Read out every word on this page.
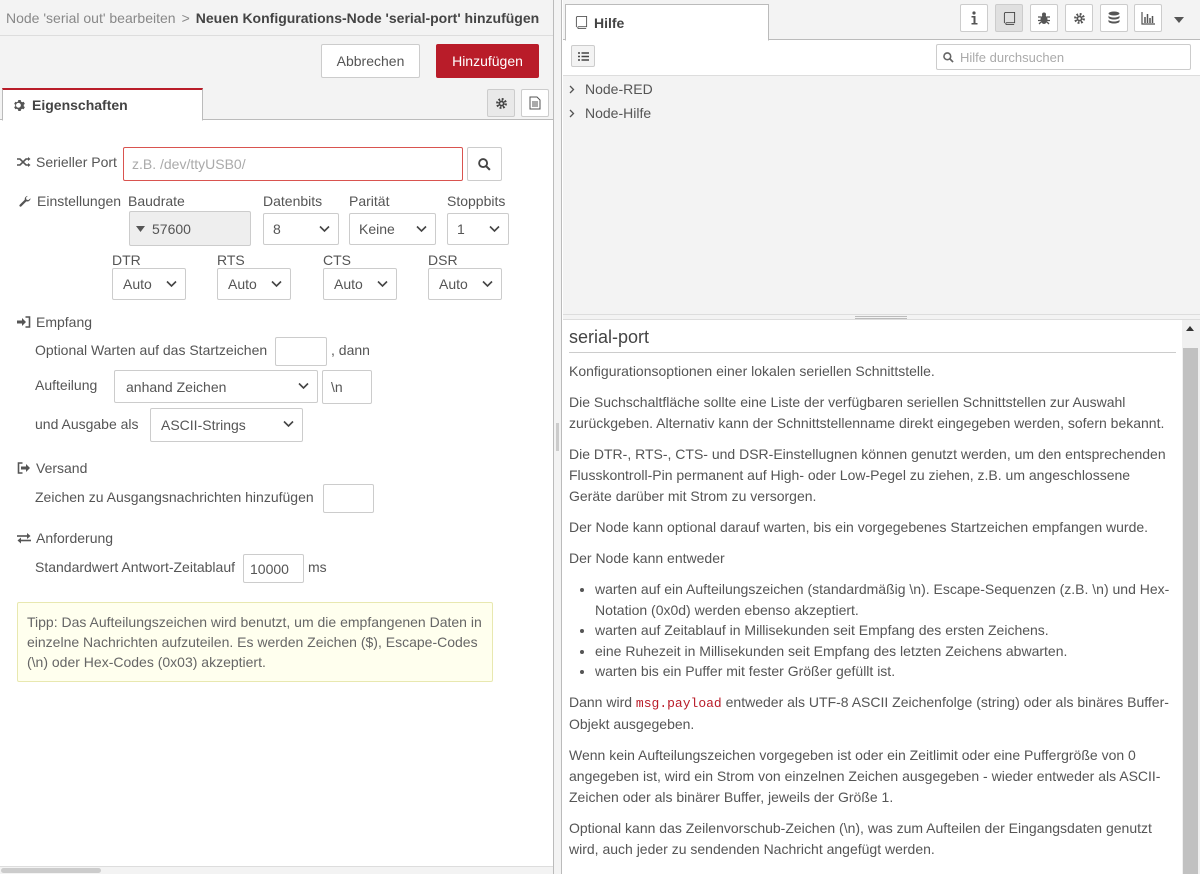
Node 'serial out' bearbeiten > Neuen Konfigurations-Node 'serial-port' hinzufügen
Abbrechen	Hinzufügen
Eigenschaften
Serieller Port	z.B. /dev/ttyUSB0/
Einstellungen Baudrate	Datenbits Parität	Stoppbits
57600	8	Keine	1
DTR	RTS	CTS	DSR
Auto	Auto	Auto	Auto
Empfang
Optional Warten auf das Startzeichen	, dann
Aufteilung anhand Zeichen	\n
und Ausgabe als ASCII-Strings
Versand
Zeichen zu Ausgangsnachrichten hinzufügen
Anforderung
Standardwert Antwort-Zeitablauf	10000	ms
Tipp: Das Aufteilungszeichen wird benutzt, um die empfangenen Daten in einzelne Nachrichten aufzuteilen. Es werden Zeichen ($), Escape-Codes (\n) oder Hex-Codes (0x03) akzeptiert.
Hilfe
Hilfe durchsuchen
Node-RED
Node-Hilfe
serial-port

Konfigurationsoptionen einer lokalen seriellen Schnittstelle.

Die Suchschaltfläche sollte eine Liste der verfügbaren seriellen Schnittstellen zur Auswahl zurückgeben. Alternativ kann der Schnittstellenname direkt eingegeben werden, sofern bekannt.

Die DTR-, RTS-, CTS- und DSR-Einstellugnen können genutzt werden, um den entsprechenden Flusskontroll-Pin permanent auf High- oder Low-Pegel zu ziehen, z.B. um angeschlossene Geräte darüber mit Strom zu versorgen.

Der Node kann optional darauf warten, bis ein vorgegebenes Startzeichen empfangen wurde.

Der Node kann entweder

• warten auf ein Aufteilungszeichen (standardmäßig \n). Escape-Sequenzen (z.B. \n) und Hex-Notation (0x0d) werden ebenso akzeptiert.
• warten auf Zeitablauf in Millisekunden seit Empfang des ersten Zeichens.
• eine Ruhezeit in Millisekunden seit Empfang des letzten Zeichens abwarten.
• warten bis ein Puffer mit fester Größer gefüllt ist.

Dann wird msg.payload entweder als UTF-8 ASCII Zeichenfolge (string) oder als binäres Buffer-Objekt ausgegeben.

Wenn kein Aufteilungszeichen vorgegeben ist oder ein Zeitlimit oder eine Puffergröße von 0 angegeben ist, wird ein Strom von einzelnen Zeichen ausgegeben - wieder entweder als ASCII-Zeichen oder als binärer Buffer, jeweils der Größe 1.

Optional kann das Zeilenvorschub-Zeichen (\n), was zum Aufteilen der Eingangsdaten genutzt wird, auch jeder zu sendenden Nachricht angefügt werden.
